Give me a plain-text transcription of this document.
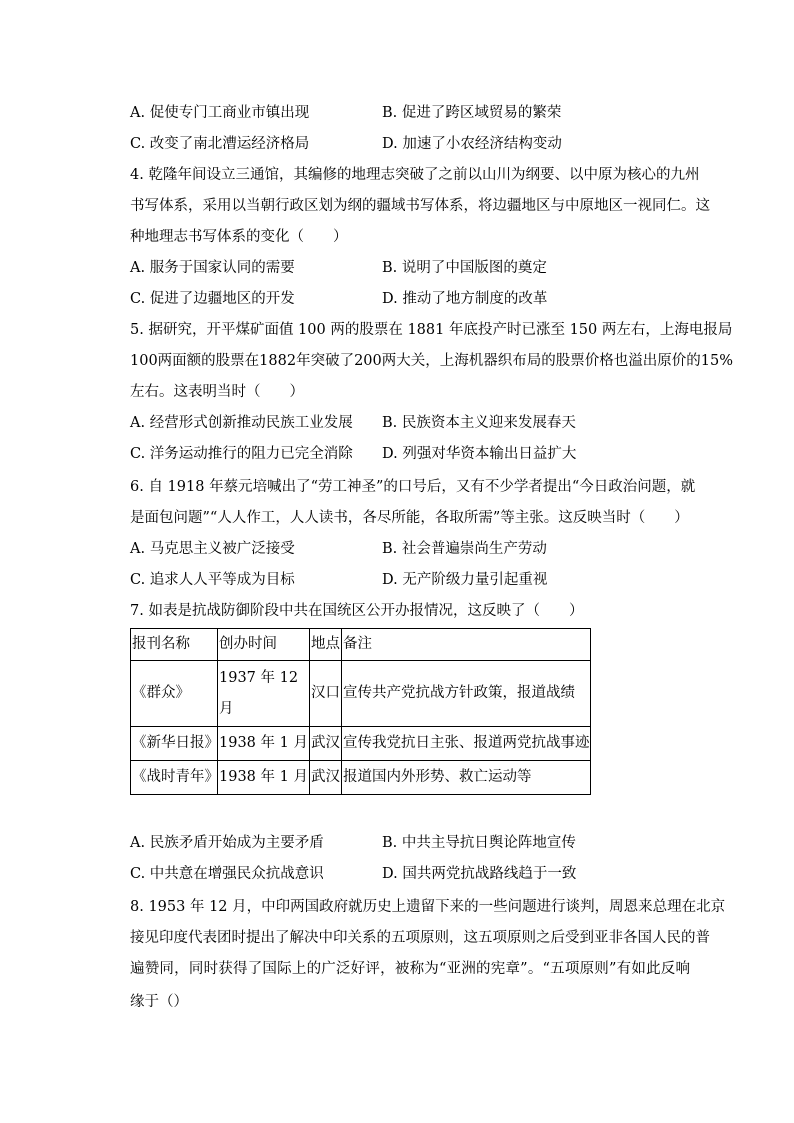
A. 促使专门工商业市镇出现	B. 促进了跨区域贸易的繁荣
C. 改变了南北漕运经济格局	D. 加速了小农经济结构变动
4. 乾隆年间设立三通馆，其编修的地理志突破了之前以山川为纲要、以中原为核心的九州
书写体系，采用以当朝行政区划为纲的疆域书写体系，将边疆地区与中原地区一视同仁。这
种地理志书写体系的变化（　　）
A. 服务于国家认同的需要	B. 说明了中国版图的奠定
C. 促进了边疆地区的开发	D. 推动了地方制度的改革
5. 据研究，开平煤矿面值 100 两的股票在 1881 年底投产时已涨至 150 两左右，上海电报局
100两面额的股票在1882年突破了200两大关，上海机器织布局的股票价格也溢出原价的15%
左右。这表明当时（　　）
A. 经营形式创新推动民族工业发展 B. 民族资本主义迎来发展春天
C. 洋务运动推行的阻力已完全消除 D. 列强对华资本输出日益扩大
6. 自 1918 年蔡元培喊出了“劳工神圣”的口号后，又有不少学者提出“今日政治问题，就
是面包问题”“人人作工，人人读书，各尽所能，各取所需”等主张。这反映当时（　　）
A. 马克思主义被广泛接受	B. 社会普遍崇尚生产劳动
C. 追求人人平等成为目标	D. 无产阶级力量引起重视
7. 如表是抗战防御阶段中共在国统区公开办报情况，这反映了（　　）
报刊名称	创办时间	地点	备注
《群众》	1937 年 12 月	汉口	宣传共产党抗战方针政策，报道战绩
《新华日报》	1938 年 1 月	武汉	宣传我党抗日主张、报道两党抗战事迹
《战时青年》	1938 年 1 月	武汉	报道国内外形势、救亡运动等
A. 民族矛盾开始成为主要矛盾	B. 中共主导抗日舆论阵地宣传
C. 中共意在增强民众抗战意识	D. 国共两党抗战路线趋于一致
8. 1953 年 12 月，中印两国政府就历史上遗留下来的一些问题进行谈判，周恩来总理在北京
接见印度代表团时提出了解决中印关系的五项原则，这五项原则之后受到亚非各国人民的普
遍赞同，同时获得了国际上的广泛好评，被称为“亚洲的宪章”。“五项原则”有如此反响
缘于（）
